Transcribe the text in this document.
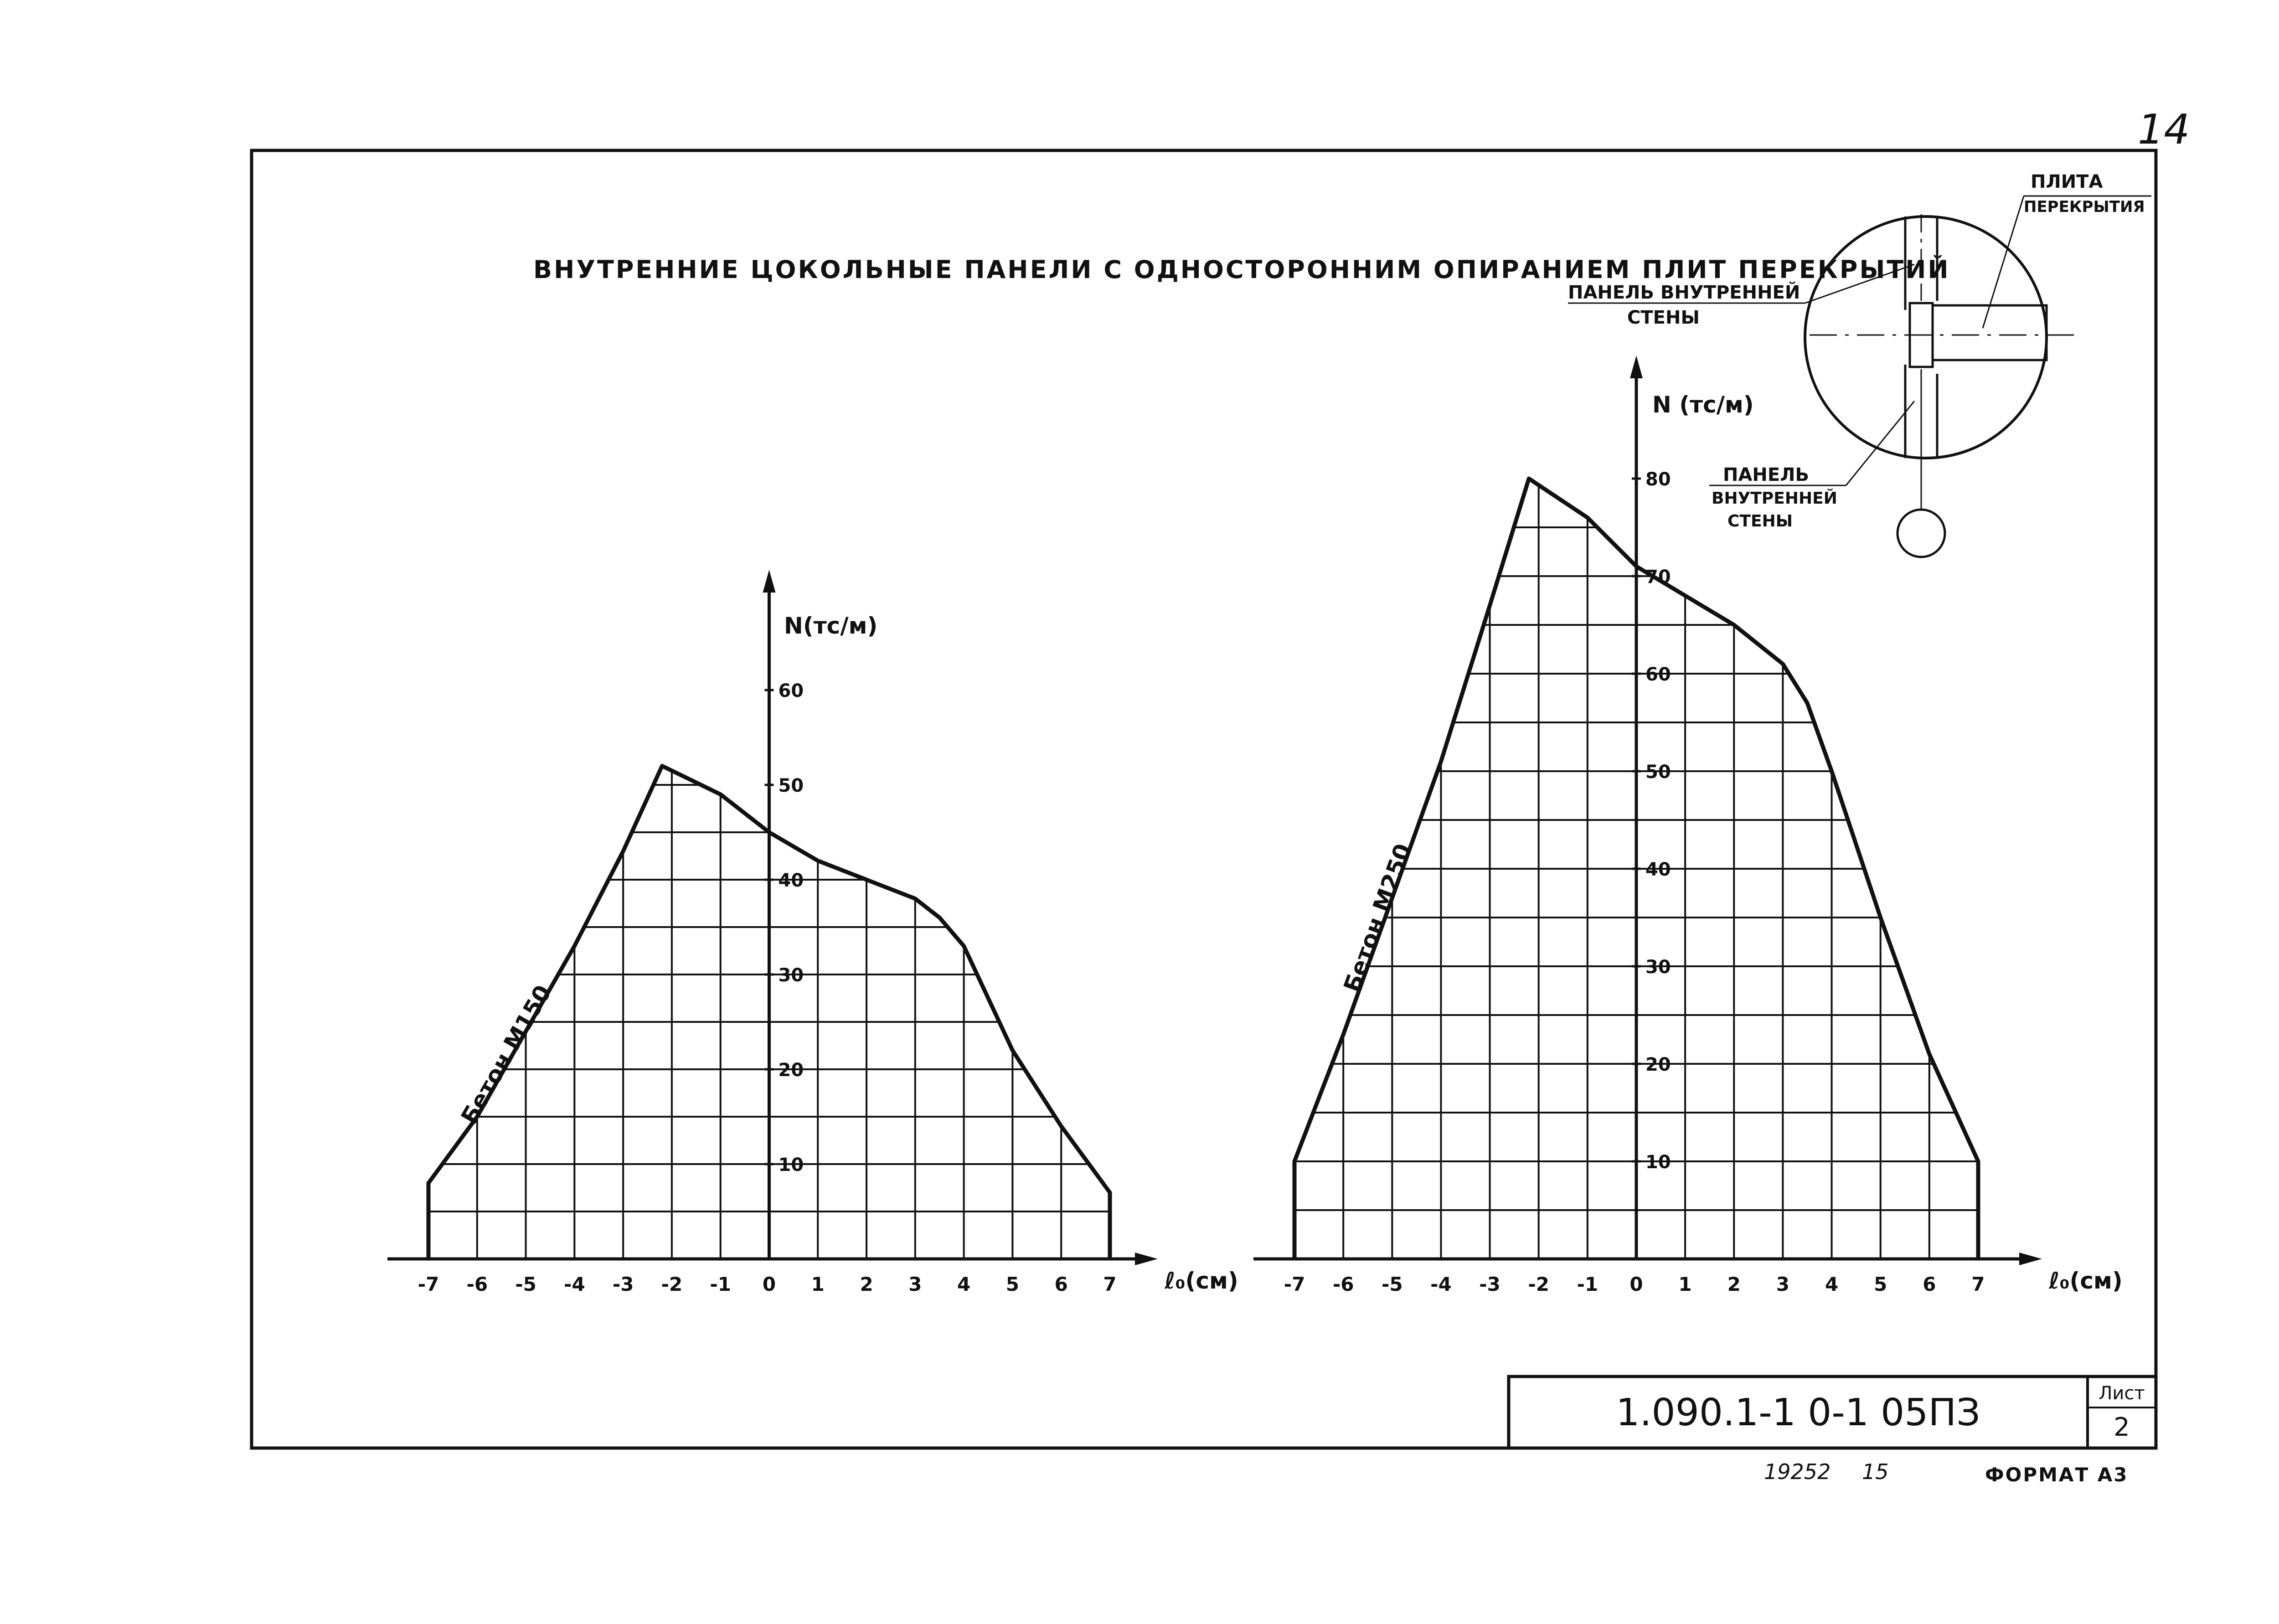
14
ВНУТРЕННИЕ ЦОКОЛЬНЫЕ ПАНЕЛИ С ОДНОСТОРОННИМ ОПИРАНИЕМ ПЛИТ ПЕРЕКРЫТИЙ
ПЛИТА
ПЕРЕКРЫТИЯ
ПАНЕЛЬ ВНУТРЕННЕЙ
СТЕНЫ
ПАНЕЛЬ
ВНУТРЕННЕЙ
СТЕНЫ
-7 -6 -5 -4 -3 -2 -1 0 1 2 3 4 5 6 7
10
20
30
40
50
60
N(тс/м)
ℓ₀(см)
Бетон М150
-7 -6 -5 -4 -3 -2 -1 0 1 2 3 4 5 6 7
10
20
30
40
50
60
70
80
N (тс/м)
ℓ₀(см)
Бетон М250
1.090.1-1 0-1 05ПЗ	Лист
2
19252 15	ФОРМАТ А3
